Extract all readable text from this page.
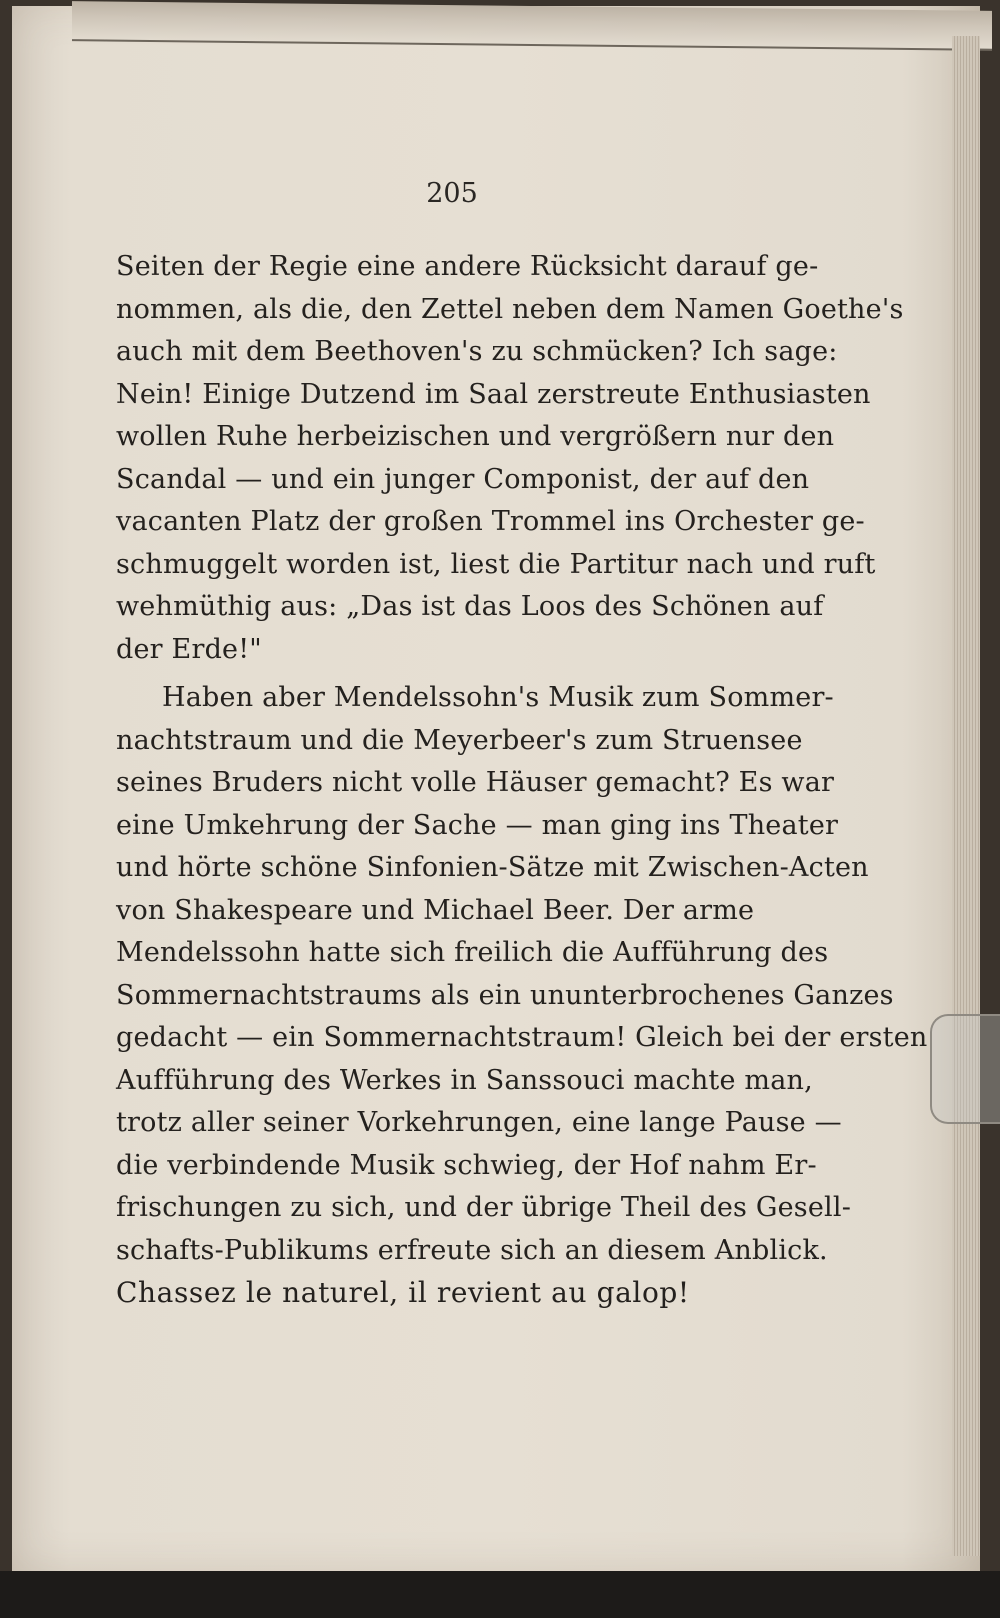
205
Seiten der Regie eine andere Rücksicht darauf ge-
nommen, als die, den Zettel neben dem Namen Goethe's
auch mit dem Beethoven's zu schmücken? Ich sage:
Nein! Einige Dutzend im Saal zerstreute Enthusiasten
wollen Ruhe herbeizischen und vergrößern nur den
Scandal — und ein junger Componist, der auf den
vacanten Platz der großen Trommel ins Orchester ge-
schmuggelt worden ist, liest die Partitur nach und ruft
wehmüthig aus: „Das ist das Loos des Schönen auf
der Erde!"
Haben aber Mendelssohn's Musik zum Sommer-
nachtstraum und die Meyerbeer's zum Struensee
seines Bruders nicht volle Häuser gemacht? Es war
eine Umkehrung der Sache — man ging ins Theater
und hörte schöne Sinfonien-Sätze mit Zwischen-Acten
von Shakespeare und Michael Beer. Der arme
Mendelssohn hatte sich freilich die Aufführung des
Sommernachtstraums als ein ununterbrochenes Ganzes
gedacht — ein Sommernachtstraum! Gleich bei der ersten
Aufführung des Werkes in Sanssouci machte man,
trotz aller seiner Vorkehrungen, eine lange Pause —
die verbindende Musik schwieg, der Hof nahm Er-
frischungen zu sich, und der übrige Theil des Gesell-
schafts-Publikums erfreute sich an diesem Anblick.
Chassez le naturel, il revient au galop!
